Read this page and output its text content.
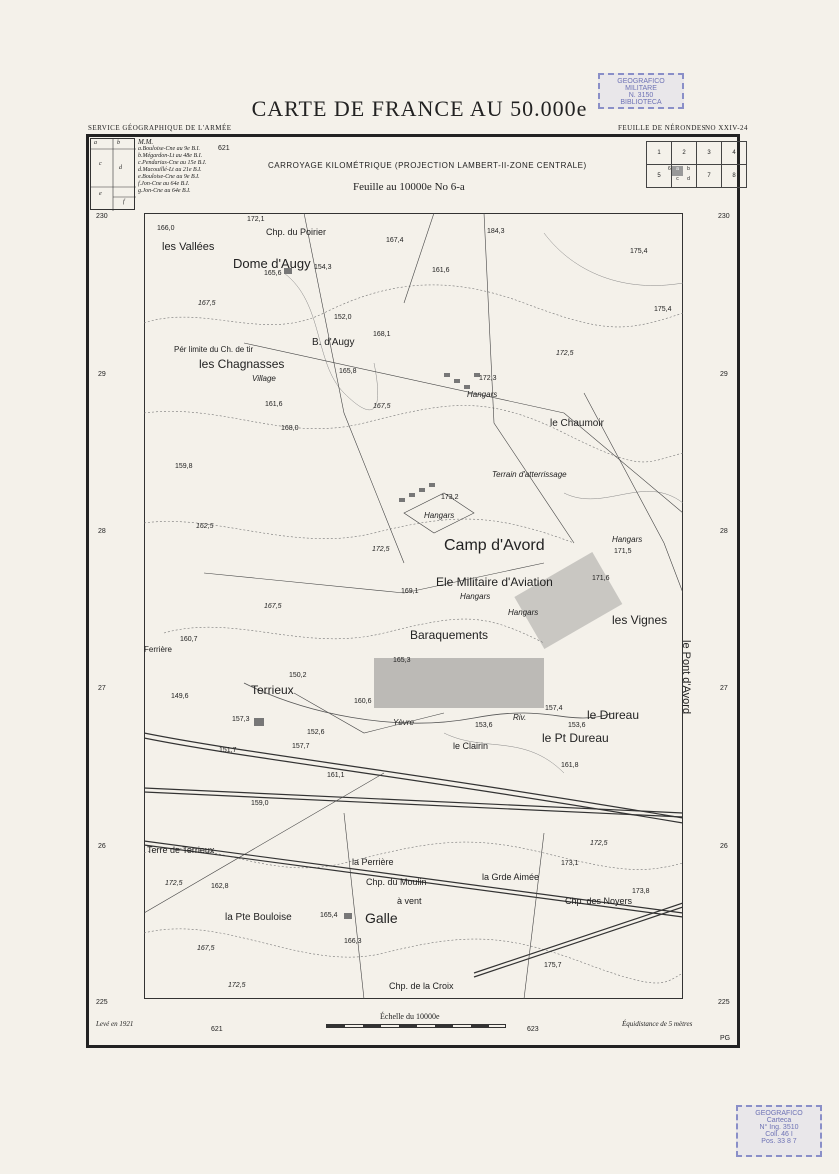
GEOGRAFICO
MILITARE
N. 3150
BIBLIOTECA
CARTE DE FRANCE AU 50.000e
SERVICE GÉOGRAPHIQUE DE L'ARMÉE	FEUILLE DE NÉRONDES
NO XXIV-24
a	b
c
d
e
f
M.M.
a.Bouloise-Cne au 9e B.I.
b.Mégardon-Lt au 48e B.I.
c.Pendarias-Cne au 15e B.I.
d.Macouillé-Lt au 21e B.I.
e.Bouloise-Cne au 9e B.I.
f.Jon-Cne au 64e B.I.
g.Jon-Cne au 64e B.I.
1	2	3	4
5	a b
c d	7	8
6
CARROYAGE KILOMÉTRIQUE (PROJECTION LAMBERT-II-ZONE CENTRALE)
Feuille au 10000e No 6-a
621
621	623
230
29
28
27
26
225
230
29
28
27
26
225
les Vallées
Chp. du Poirier
Dome d'Augy
B. d'Augy
Pér limite du Ch. de tir
les Chagnasses
Village
Hangars
le Chaumoir
Terrain d'atterrissage
Hangars
Camp d'Avord
Ele Militaire d'Aviation
Hangars
Hangars
Hangars
Baraquements
les Vignes
le Pont d'Avord
Ferrière
Terrieux
le Dureau
le Pt Dureau
Yèvre
Riv.
le Clairin
Terre de Terrieux
la Perrière
Chp. du Moulin
à vent
la Grde Aimée
Chp. des Noyers
la Pte Bouloise	Galle
Chp. de la Croix
172,1
166,0
167,4
184,3
165,6
154,3	161,6
175,4
175,4
152,0
168,1
165,8
172,3
161,6
168,0
159,8
173,2
171,5
171,6
169,1
160,7
165,3
149,6
150,2
157,3
160,6
152,6
151,7
157,7
157,4
153,6	153,6
161,8
161,1
159,0
173,1
162,8
173,8
165,4
166,3
175,7
167,5
172,5
167,5
162,5
172,5
167,5
172,5
167,5
172,5
172,5
Levé en 1921
Échelle du 10000e
Équidistance de 5 mètres
PG
GEOGRAFICO
Carteca
N° Ing. 3510
Coll. 46 I
Pos. 33 8 7
